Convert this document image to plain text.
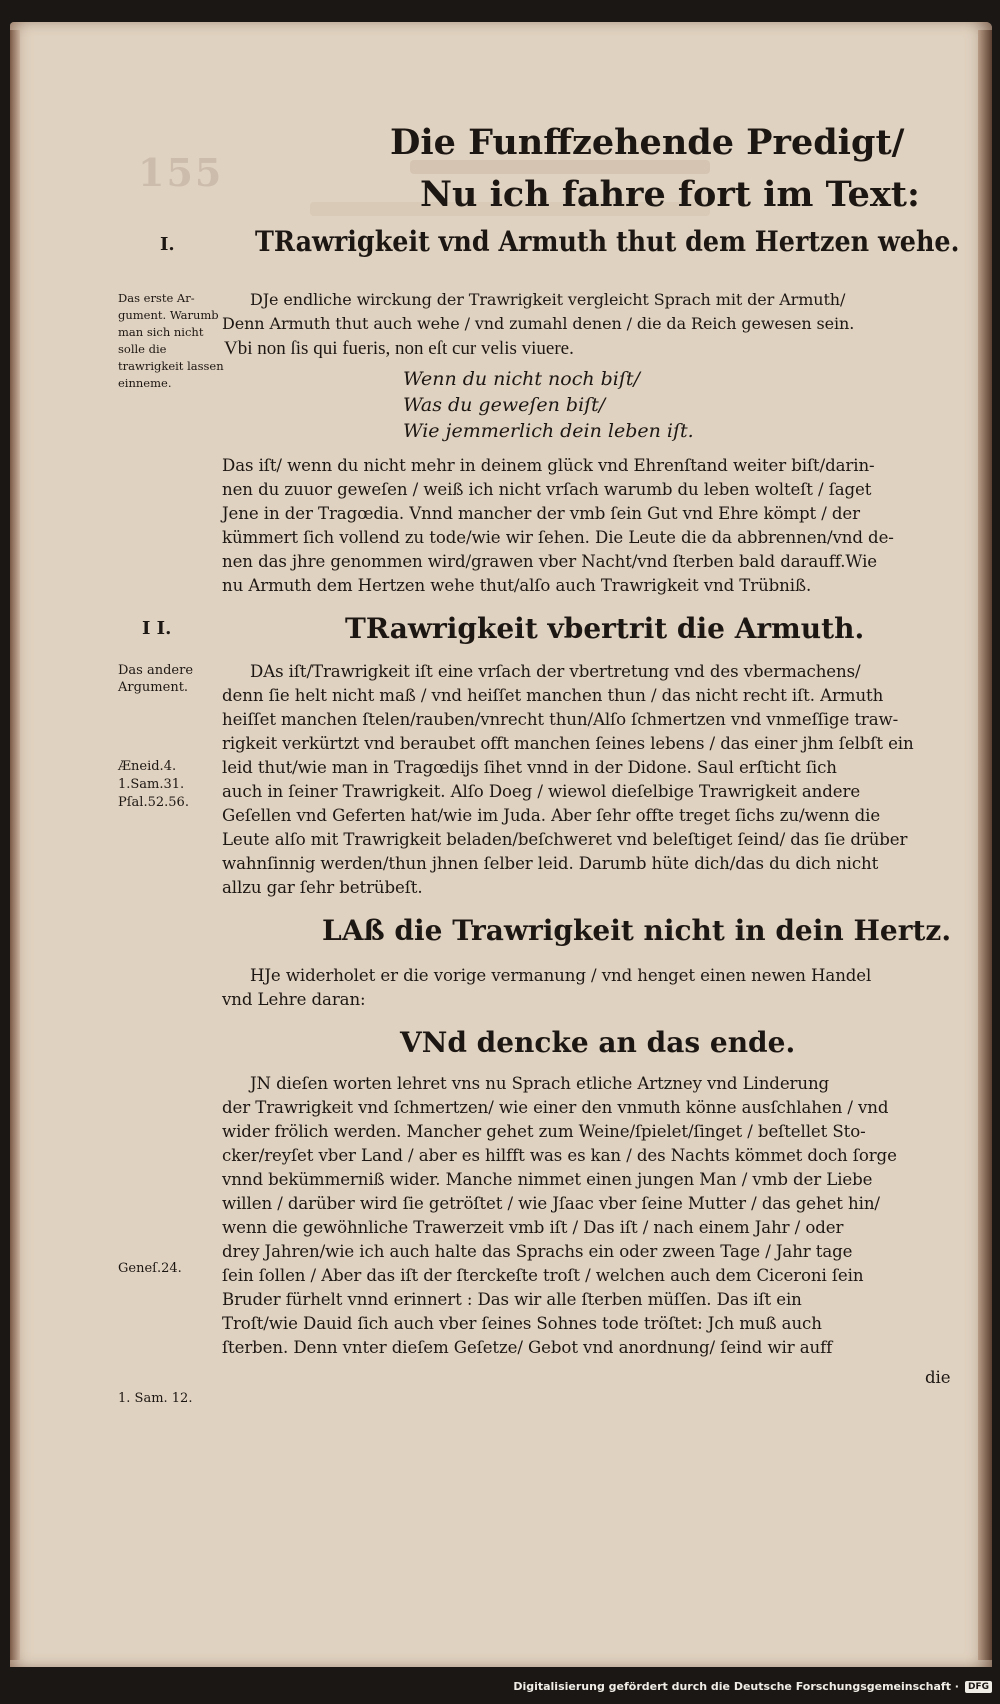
155
Die Funffzehende Predigt/
Nu ich fahre fort im Text:
I.	TRawrigkeit vnd Armuth thut dem Hertzen wehe.
Das erste Ar-gument. Warumb man sich nicht solle die trawrigkeit lassen einneme.
DJe endliche wirckung der Trawrigkeit vergleicht Sprach mit der Armuth/
Denn Armuth thut auch wehe / vnd zumahl denen / die da Reich gewesen sein.
Vbi non ſis qui fueris, non eſt cur velis viuere.
Wenn du nicht noch biſt/
Was du geweſen biſt/
Wie jemmerlich dein leben iſt.
Das iſt/ wenn du nicht mehr in deinem glück vnd Ehrenſtand weiter biſt/darin-
nen du zuuor geweſen / weiß ich nicht vrſach warumb du leben wolteſt / ſaget
Jene in der Tragœdia. Vnnd mancher der vmb ſein Gut vnd Ehre kömpt / der
kümmert ſich vollend zu tode/wie wir ſehen. Die Leute die da abbrennen/vnd de-
nen das jhre genommen wird/grawen vber Nacht/vnd ſterben bald darauff.Wie
nu Armuth dem Hertzen wehe thut/alſo auch Trawrigkeit vnd Trübniß.
I I.	TRawrigkeit vbertrit die Armuth.
Das andere Argument.
Æneid.4.
1.Sam.31.
Pſal.52.56.
DAs iſt/Trawrigkeit iſt eine vrſach der vbertretung vnd des vbermachens/
denn ſie helt nicht maß / vnd heiſſet manchen thun / das nicht recht iſt. Armuth
heiſſet manchen ſtelen/rauben/vnrecht thun/Alſo ſchmertzen vnd vnmeſſige traw-
rigkeit verkürtzt vnd beraubet offt manchen ſeines lebens / das einer jhm ſelbſt ein
leid thut/wie man in Tragœdijs ſihet vnnd in der Didone. Saul erſticht ſich
auch in ſeiner Trawrigkeit. Alſo Doeg / wiewol dieſelbige Trawrigkeit andere
Geſellen vnd Geferten hat/wie im Juda. Aber ſehr offte treget ſichs zu/wenn die
Leute alſo mit Trawrigkeit beladen/beſchweret vnd beleſtiget ſeind/ das ſie drüber
wahnſinnig werden/thun jhnen ſelber leid. Darumb hüte dich/das du dich nicht
allzu gar ſehr betrübeſt.
LAß die Trawrigkeit nicht in dein Hertz.
HJe widerholet er die vorige vermanung / vnd henget einen newen Handel
vnd Lehre daran:
VNd dencke an das ende.
Geneſ.24.
1. Sam. 12.
JN dieſen worten lehret vns nu Sprach etliche Artzney vnd Linderung
der Trawrigkeit vnd ſchmertzen/ wie einer den vnmuth könne ausſchlahen / vnd
wider frölich werden. Mancher gehet zum Weine/ſpielet/ſinget / beſtellet Sto-
cker/reyſet vber Land / aber es hilfft was es kan / des Nachts kömmet doch ſorge
vnnd bekümmerniß wider. Manche nimmet einen jungen Man / vmb der Liebe
willen / darüber wird ſie getröſtet / wie Jſaac vber ſeine Mutter / das gehet hin/
wenn die gewöhnliche Trawerzeit vmb iſt / Das iſt / nach einem Jahr / oder
drey Jahren/wie ich auch halte das Sprachs ein oder zween Tage / Jahr tage
ſein ſollen / Aber das iſt der ſterckeſte troſt / welchen auch dem Ciceroni ſein
Bruder fürhelt vnnd erinnert : Das wir alle ſterben müſſen. Das iſt ein
Troſt/wie Dauid ſich auch vber ſeines Sohnes tode tröſtet: Jch muß auch
ſterben. Denn vnter dieſem Geſetze/ Gebot vnd anordnung/ ſeind wir auff
die
Digitalisierung gefördert durch die Deutsche Forschungsgemeinschaft ·	DFG
